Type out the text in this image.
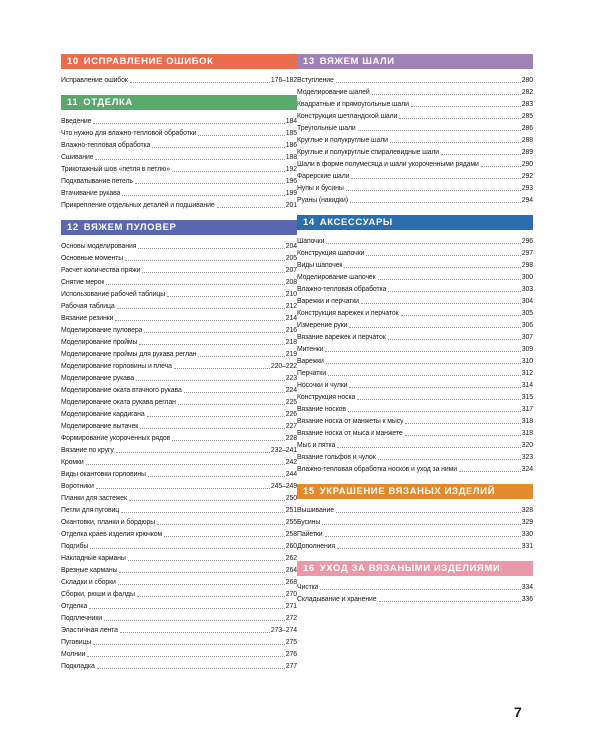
10 ИСПРАВЛЕНИЕ ОШИБОК
Исправление ошибок	176–182
11 ОТДЕЛКА
Введение	184
Что нужно для влажно-тепловой обработки	185
Влажно-тепловая обработка	186
Сшивание	188
Трикотажный шов «петля в петлю»	192
Подхватывание петель	196
Втачивание рукава	199
Прикрепление отдельных деталей и подшивание	201
12 ВЯЖЕМ ПУЛОВЕР
Основы моделирования	204
Основные моменты	205
Расчет количества пряжи	207
Снятие мерок	208
Использование рабочей таблицы	210
Рабочая таблица	212
Вязание резинки	214
Моделирование пуловера	216
Моделирование проймы	218
Моделирование проймы для рукава реглан	219
Моделирование горловины и плеча	220–222
Моделирование рукава	223
Моделирование оката втачного рукава	224
Моделирование оката рукава реглан	225
Моделирование кардигана	226
Моделирование вытачек	227
Формирование укороченных рядов	228
Вязание по кругу	232–241
Кромки	242
Виды окантовки горловины	244
Воротники	245–249
Планки для застежек	250
Петли для пуговиц	251
Окантовки, планки и бордюры	255
Отделка краев изделия крючком	258
Подгибы	260
Накладные карманы	262
Врезные карманы	264
Складки и сборки	268
Сборки, рюши и фалды	270
Отделка	271
Подплечники	272
Эластичная лента	273–274
Пуговицы	275
Молнии	276
Подкладка	277
13 ВЯЖЕМ ШАЛИ
Вступление	280
Моделирование шалей	282
Квадратные и прямоугольные шали	283
Конструкция шетландской шали	285
Треугольные шали	286
Круглые и полукруглые шали	288
Круглые и полукруглые спиралевидные шали	289
Шали в форме полумесяца и шали укороченными рядами	290
Фарерские шали	292
Нупы и бусины	293
Руаны (накидки)	294
14 АКСЕССУАРЫ
Шапочки	296
Конструкция шапочки	297
Виды шапочек	298
Моделирование шапочек	300
Влажно-тепловая обработка	303
Варежки и перчатки	304
Конструкция варежек и перчаток	305
Измерение руки	306
Вязание варежек и перчаток	307
Митенки	309
Варежки	310
Перчатки	312
Носочки и чулки	314
Конструкция носка	315
Вязание носков	317
Вязание носка от манжеты к мысу	318
Вязание носка от мыса к манжете	318
Мыс и пятка	320
Вязание гольфов и чулок	323
Влажно-тепловая обработка носков и уход за ними	324
15 УКРАШЕНИЕ ВЯЗАНЫХ ИЗДЕЛИЙ
Вышивание	328
Бусины	329
Пайетки	330
Дополнения	331
16 УХОД ЗА ВЯЗАНЫМИ ИЗДЕЛИЯМИ
Чистка	334
Складывание и хранение	336
7
